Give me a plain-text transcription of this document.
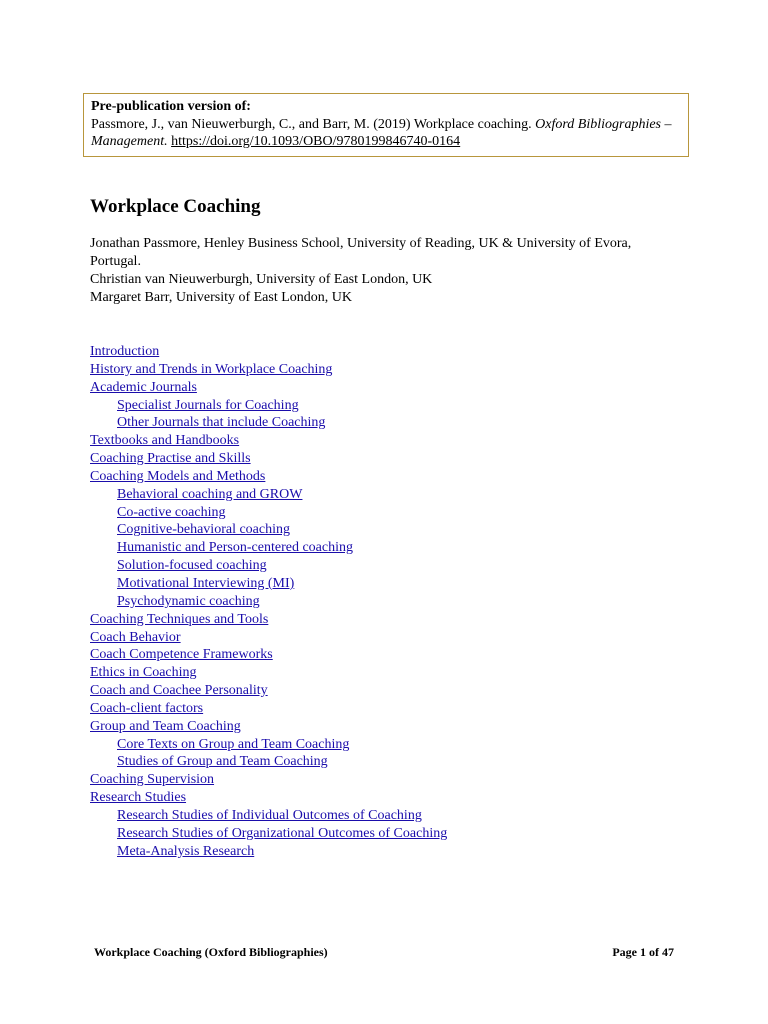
Pre-publication version of:
Passmore, J., van Nieuwerburgh, C., and Barr, M. (2019) Workplace coaching. Oxford Bibliographies – Management. https://doi.org/10.1093/OBO/9780199846740-0164
Workplace Coaching
Jonathan Passmore, Henley Business School, University of Reading, UK & University of Evora,
Portugal.
Christian van Nieuwerburgh, University of East London, UK
Margaret Barr, University of East London, UK
Introduction
History and Trends in Workplace Coaching
Academic Journals
Specialist Journals for Coaching
Other Journals that include Coaching
Textbooks and Handbooks
Coaching Practise and Skills
Coaching Models and Methods
Behavioral coaching and GROW
Co-active coaching
Cognitive-behavioral coaching
Humanistic and Person-centered coaching
Solution-focused coaching
Motivational Interviewing (MI)
Psychodynamic coaching
Coaching Techniques and Tools
Coach Behavior
Coach Competence Frameworks
Ethics in Coaching
Coach and Coachee Personality
Coach-client factors
Group and Team Coaching
Core Texts on Group and Team Coaching
Studies of Group and Team Coaching
Coaching Supervision
Research Studies
Research Studies of Individual Outcomes of Coaching
Research Studies of Organizational Outcomes of Coaching
Meta-Analysis Research
Workplace Coaching (Oxford Bibliographies)	Page 1 of 47
